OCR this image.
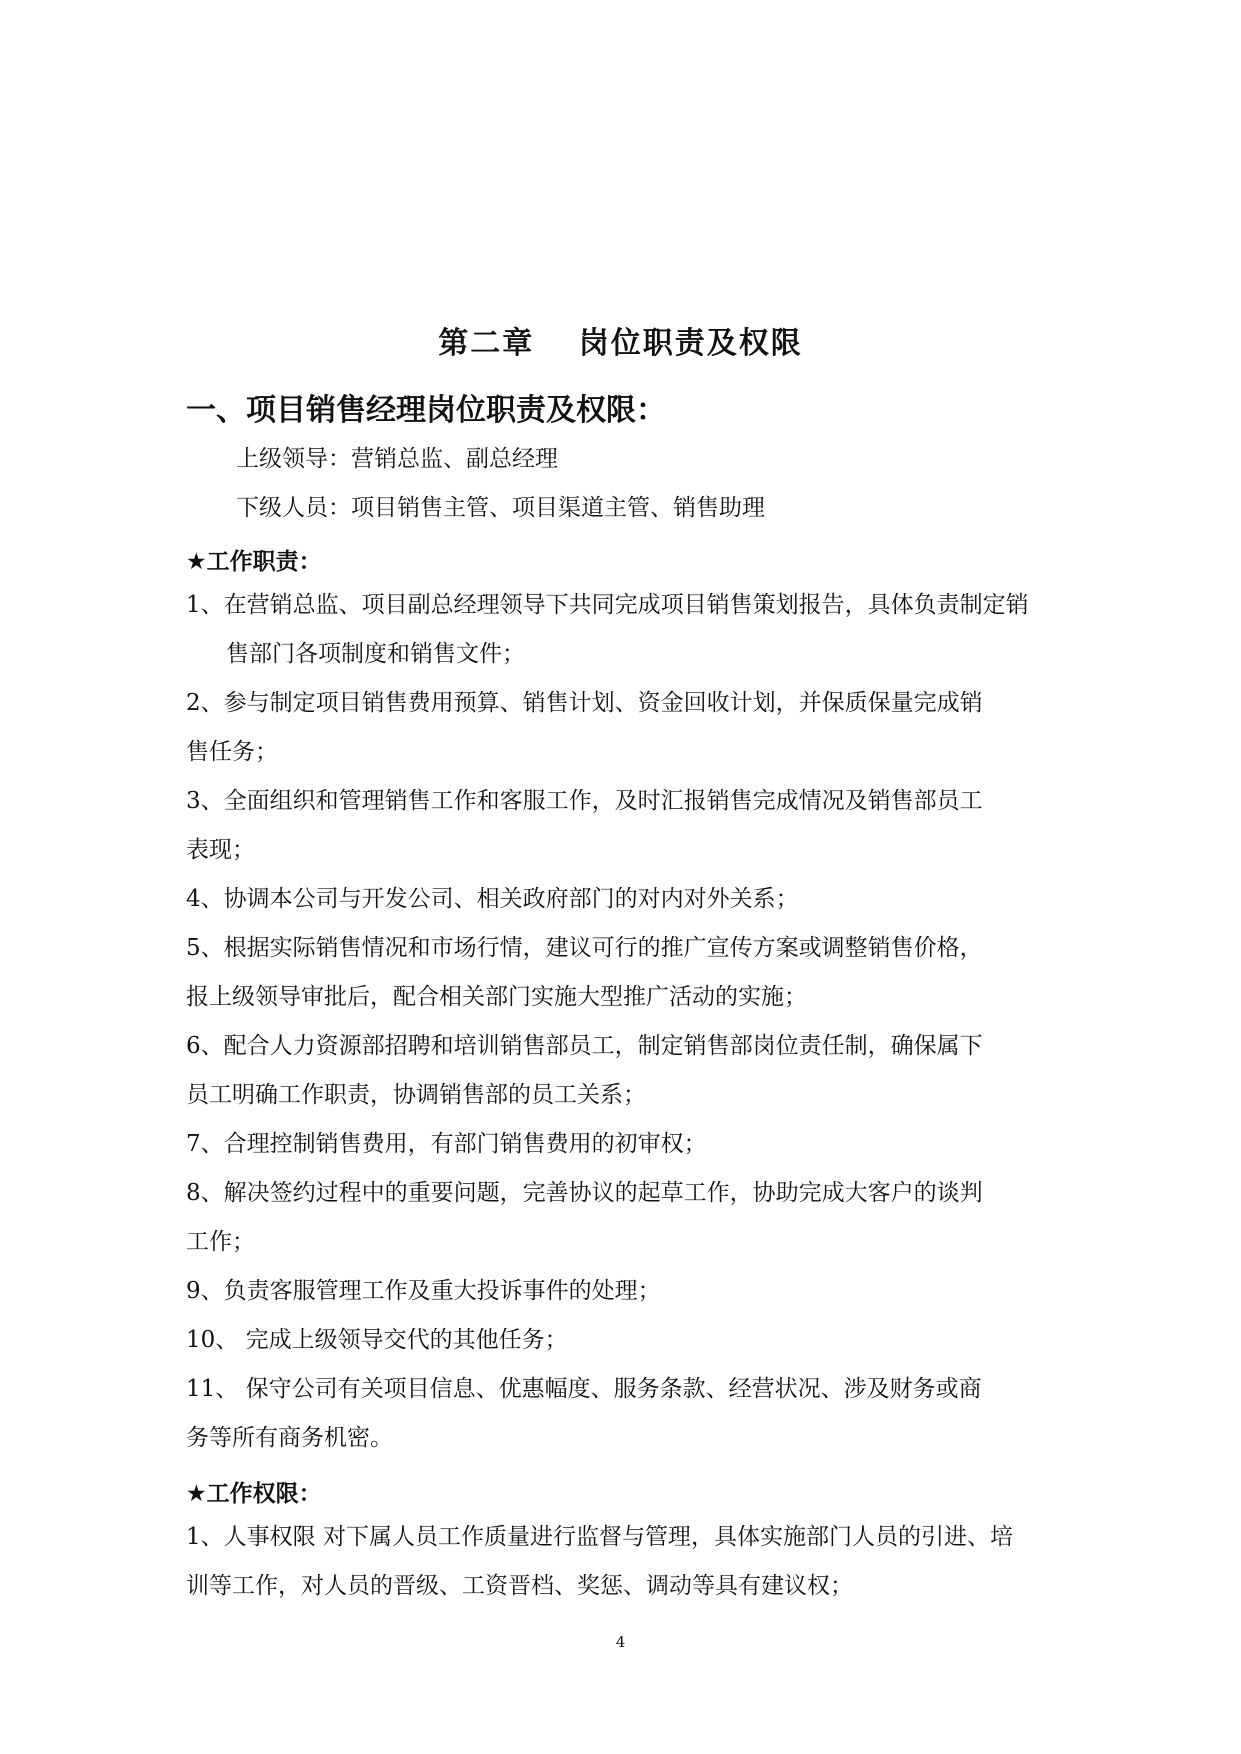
第二章　 岗位职责及权限
一、项目销售经理岗位职责及权限：
上级领导：营销总监、副总经理
下级人员：项目销售主管、项目渠道主管、销售助理
★工作职责：
1、在营销总监、项目副总经理领导下共同完成项目销售策划报告，具体负责制定销
售部门各项制度和销售文件；
2、参与制定项目销售费用预算、销售计划、资金回收计划，并保质保量完成销
售任务；
3、全面组织和管理销售工作和客服工作，及时汇报销售完成情况及销售部员工
表现；
4、协调本公司与开发公司、相关政府部门的对内对外关系；
5、根据实际销售情况和市场行情，建议可行的推广宣传方案或调整销售价格，
报上级领导审批后，配合相关部门实施大型推广活动的实施；
6、配合人力资源部招聘和培训销售部员工，制定销售部岗位责任制，确保属下
员工明确工作职责，协调销售部的员工关系；
7、合理控制销售费用，有部门销售费用的初审权；
8、解决签约过程中的重要问题，完善协议的起草工作，协助完成大客户的谈判
工作；
9、负责客服管理工作及重大投诉事件的处理；
10、 完成上级领导交代的其他任务；
11、 保守公司有关项目信息、优惠幅度、服务条款、经营状况、涉及财务或商
务等所有商务机密。
★工作权限：
1、人事权限 对下属人员工作质量进行监督与管理，具体实施部门人员的引进、培
训等工作，对人员的晋级、工资晋档、奖惩、调动等具有建议权；
4
